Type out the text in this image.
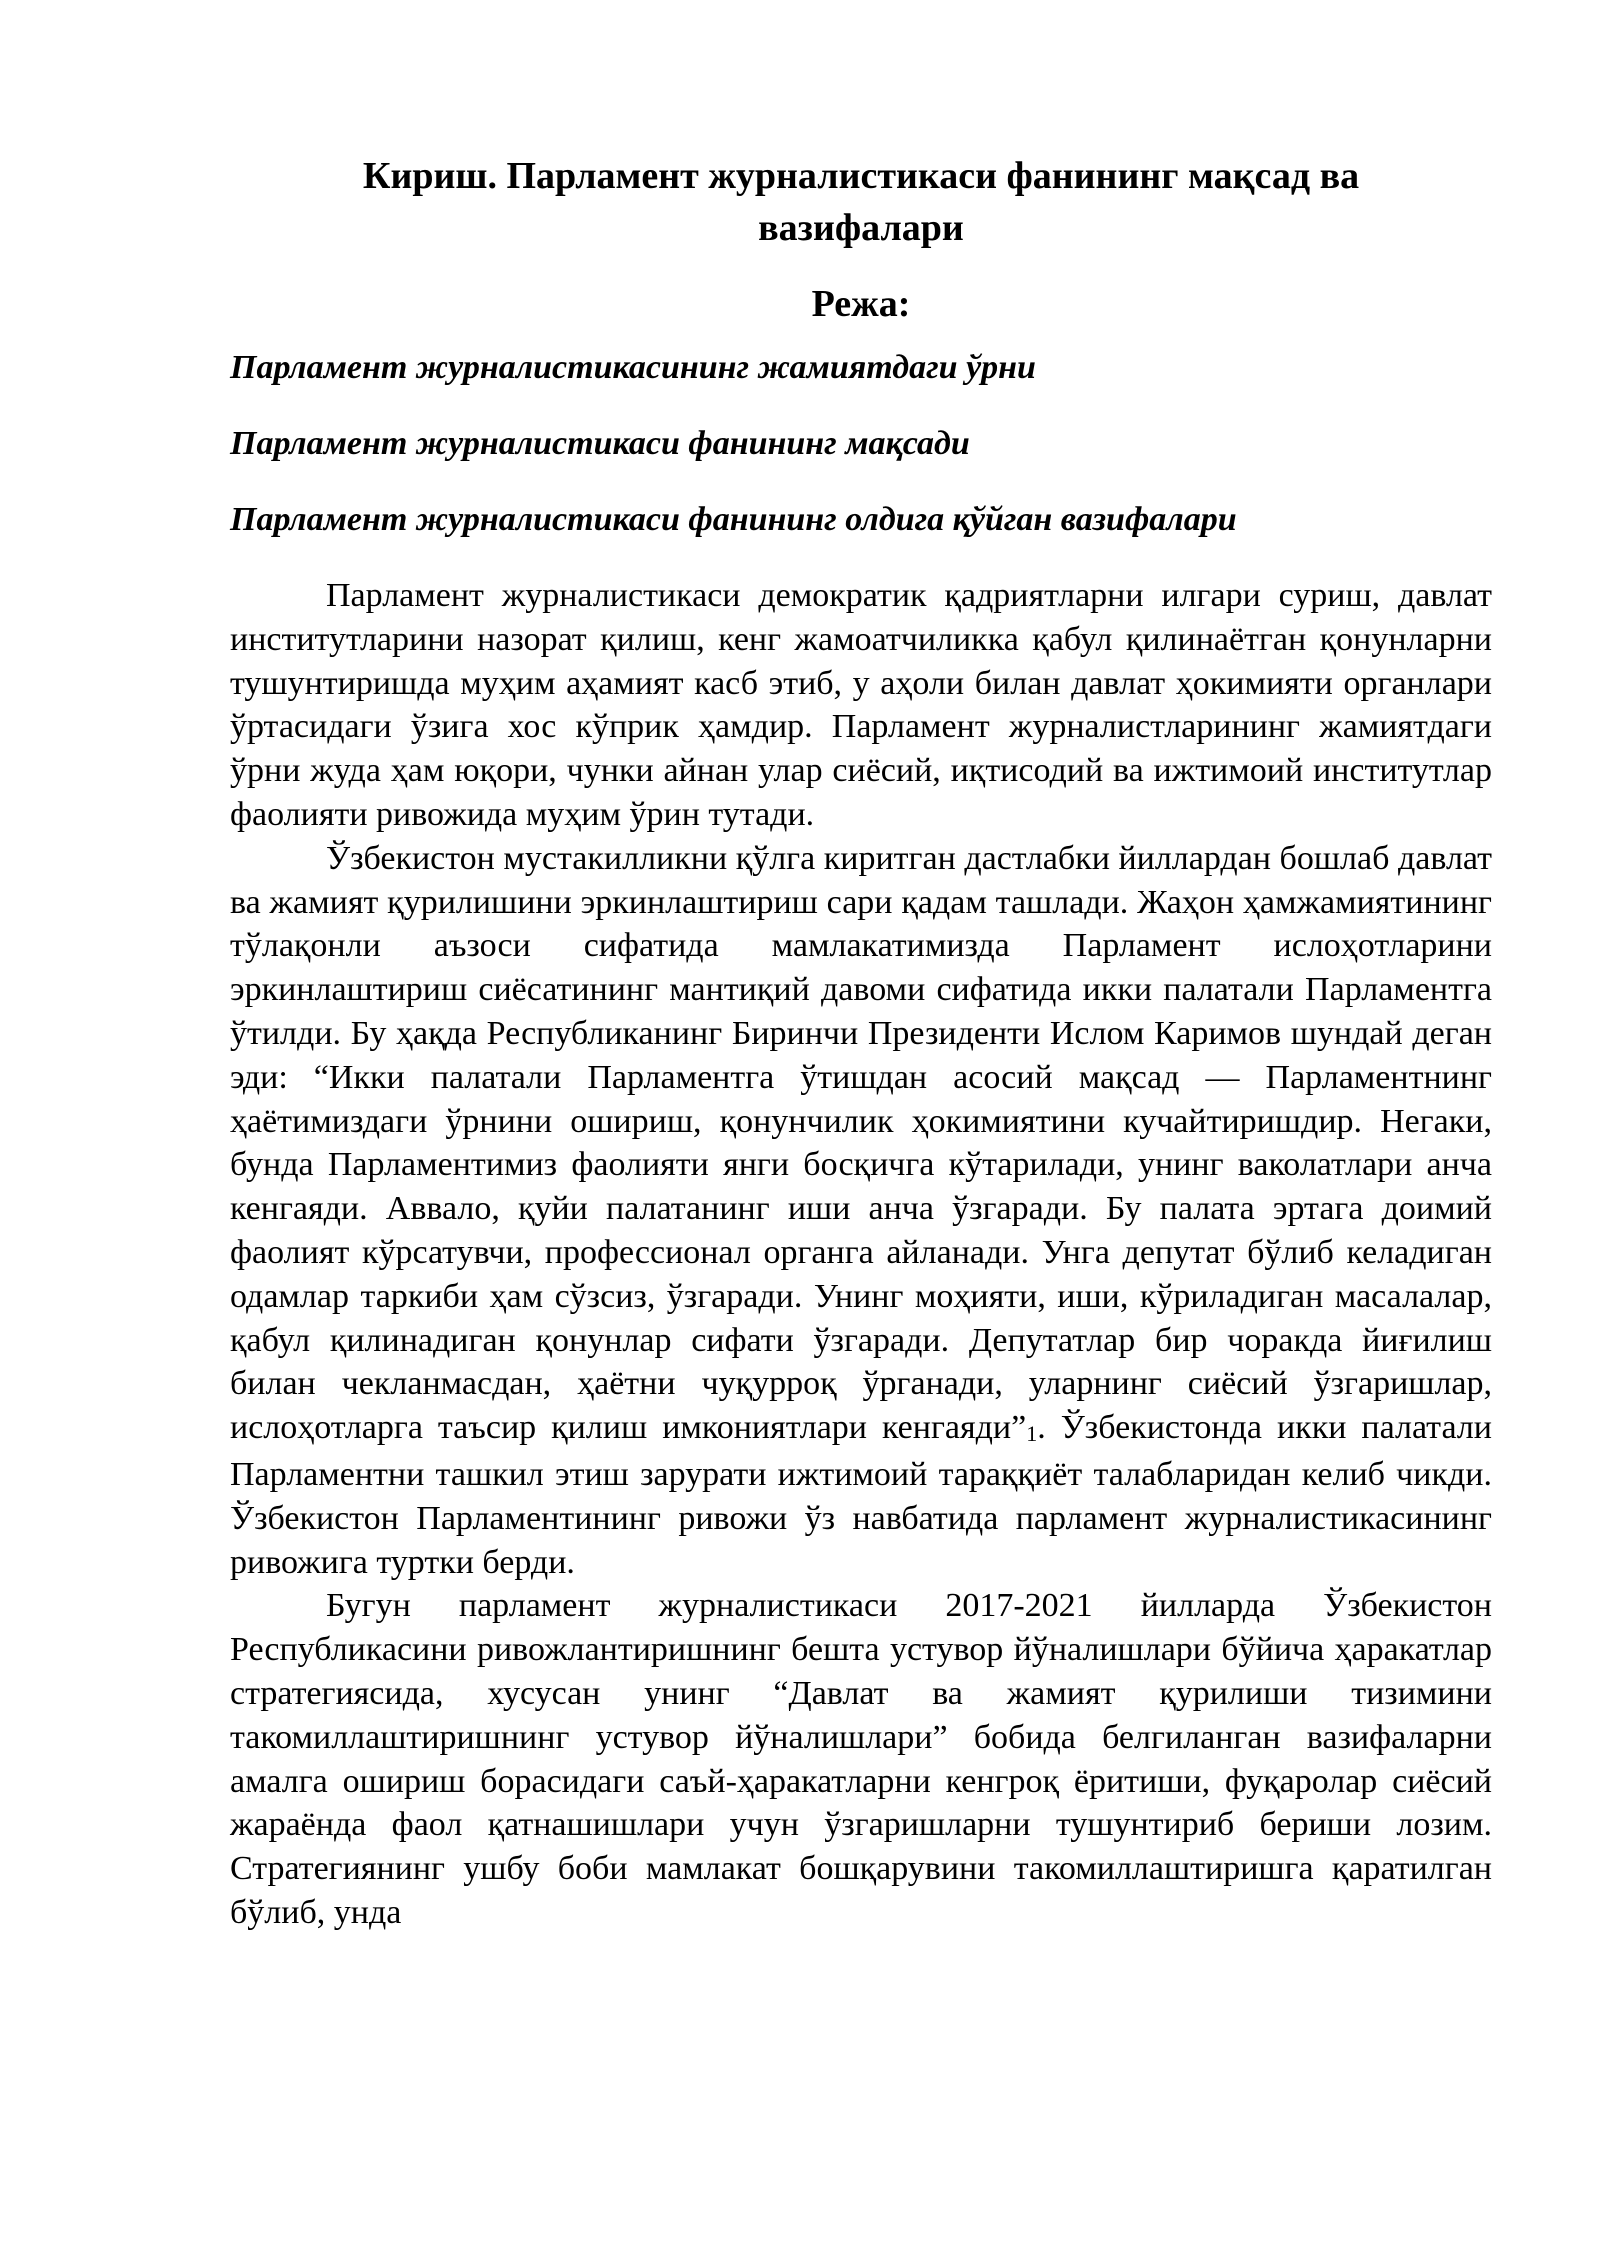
Кириш. Парламент журналистикаси фанининг мақсад ва вазифалари
Режа:

Парламент журналистикасининг жамиятдаги ўрни

Парламент журналистикаси фанининг мақсади

Парламент журналистикаси фанининг олдига қўйган вазифалари

Парламент журналистикаси демократик қадриятларни илгари суриш, давлат институтларини назорат қилиш, кенг жамоатчиликка қабул қилинаётган қонунларни тушунтиришда муҳим аҳамият касб этиб, у аҳоли билан давлат ҳокимияти органлари ўртасидаги ўзига хос кўприк ҳамдир. Парламент журналистларининг жамиятдаги ўрни жуда ҳам юқори, чунки айнан улар сиёсий, иқтисодий ва ижтимоий институтлар фаолияти ривожида муҳим ўрин тутади.

Ўзбекистон мустакилликни қўлга киритган дастлабки йиллардан бошлаб давлат ва жамият қурилишини эркинлаштириш сари қадам ташлади. Жаҳон ҳамжамиятининг тўлақонли аъзоси сифатида мамлакатимизда Парламент ислоҳотларини эркинлаштириш сиёсатининг мантиқий давоми сифатида икки палатали Парламентга ўтилди. Бу ҳақда Республиканинг Биринчи Президенти Ислом Каримов шундай деган эди: “Икки палатали Парламентга ўтишдан асосий мақсад — Парламентнинг ҳаётимиздаги ўрнини ошириш, қонунчилик ҳокимиятини кучайтиришдир. Негаки, бунда Парламентимиз фаолияти янги босқичга кўтарилади, унинг ваколатлари анча кенгаяди. Аввало, қуйи палатанинг иши анча ўзгаради. Бу палата эртага доимий фаолият кўрсатувчи, профессионал органга айланади. Унга депутат бўлиб келадиган одамлар таркиби ҳам сўзсиз, ўзгаради. Унинг моҳияти, иши, кўриладиган масалалар, қабул қилинадиган қонунлар сифати ўзгаради. Депутатлар бир чоракда йиғилиш билан чекланмасдан, ҳаётни чуқурроқ ўрганади, уларнинг сиёсий ўзгаришлар, ислоҳотларга таъсир қилиш имкониятлари кенгаяди”1. Ўзбекистонда икки палатали Парламентни ташкил этиш зарурати ижтимоий тараққиёт талабларидан келиб чикди. Ўзбекистон Парламентининг ривожи ўз навбатида парламент журналистикасининг ривожига туртки берди.

Бугун парламент журналистикаси 2017-2021 йилларда Ўзбекистон Республикасини ривожлантиришнинг бешта устувор йўналишлари бўйича ҳаракатлар стратегиясида, хусусан унинг “Давлат ва жамият қурилиши тизимини такомиллаштиришнинг устувор йўналишлари” бобида белгиланган вазифаларни амалга ошириш борасидаги саъй-ҳаракатларни кенгроқ ёритиши, фуқаролар сиёсий жараёнда фаол қатнашишлари учун ўзгаришларни тушунтириб бериши лозим. Стратегиянинг ушбу боби мамлакат бошқарувини такомиллаштиришга қаратилган бўлиб, унда
